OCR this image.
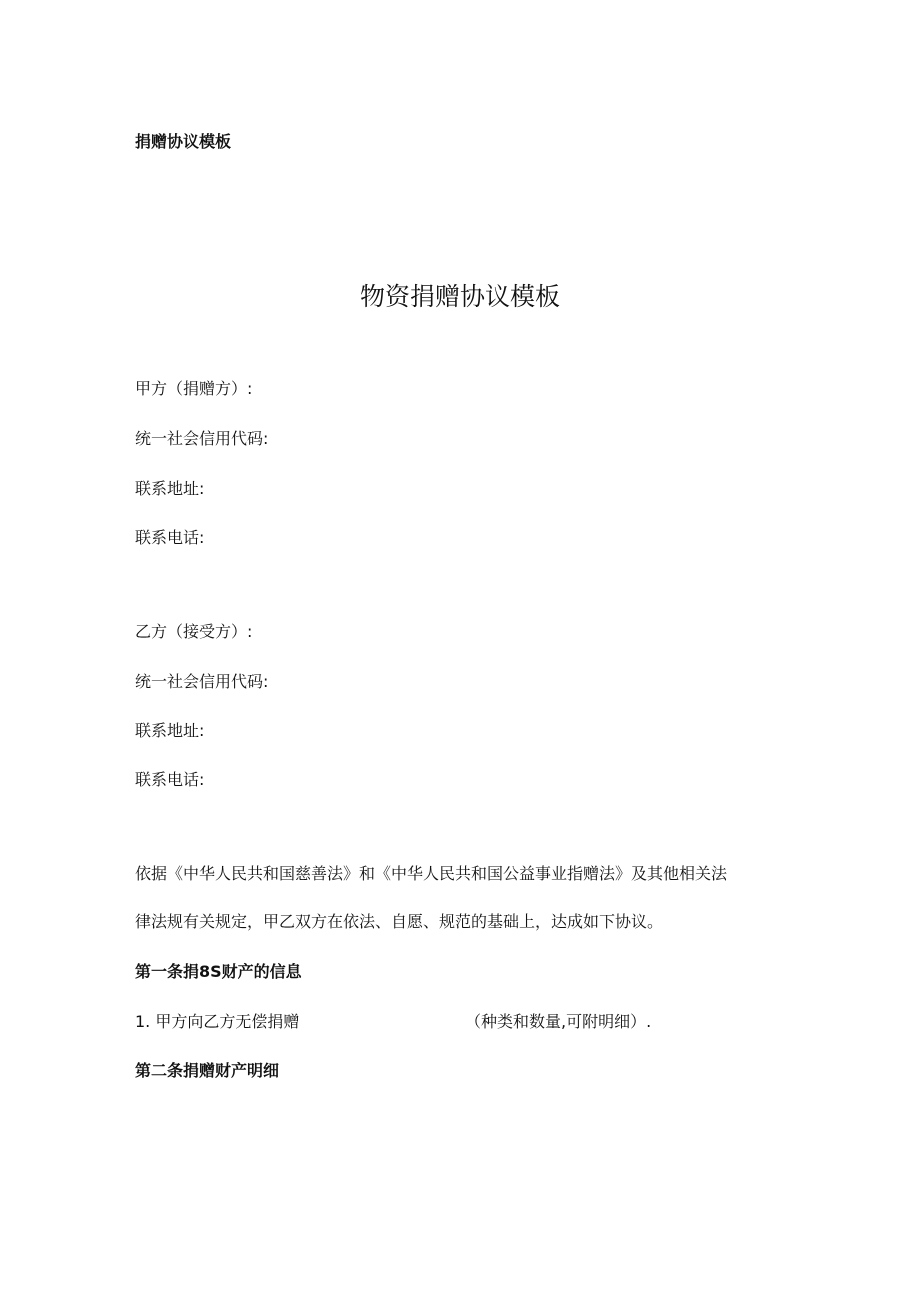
捐赠协议模板
物资捐赠协议模板
甲方（捐赠方）:
统一社会信用代码:
联系地址:
联系电话:
乙方（接受方）:
统一社会信用代码:
联系地址:
联系电话:
依据《中华人民共和国慈善法》和《中华人民共和国公益事业指赠法》及其他相关法
律法规有关规定，甲乙双方在依法、自愿、规范的基础上，达成如下协议。
第一条捐8S财产的信息
1. 甲方向乙方无偿捐赠	（种类和数量,可附明细）.
第二条捐赠财产明细
